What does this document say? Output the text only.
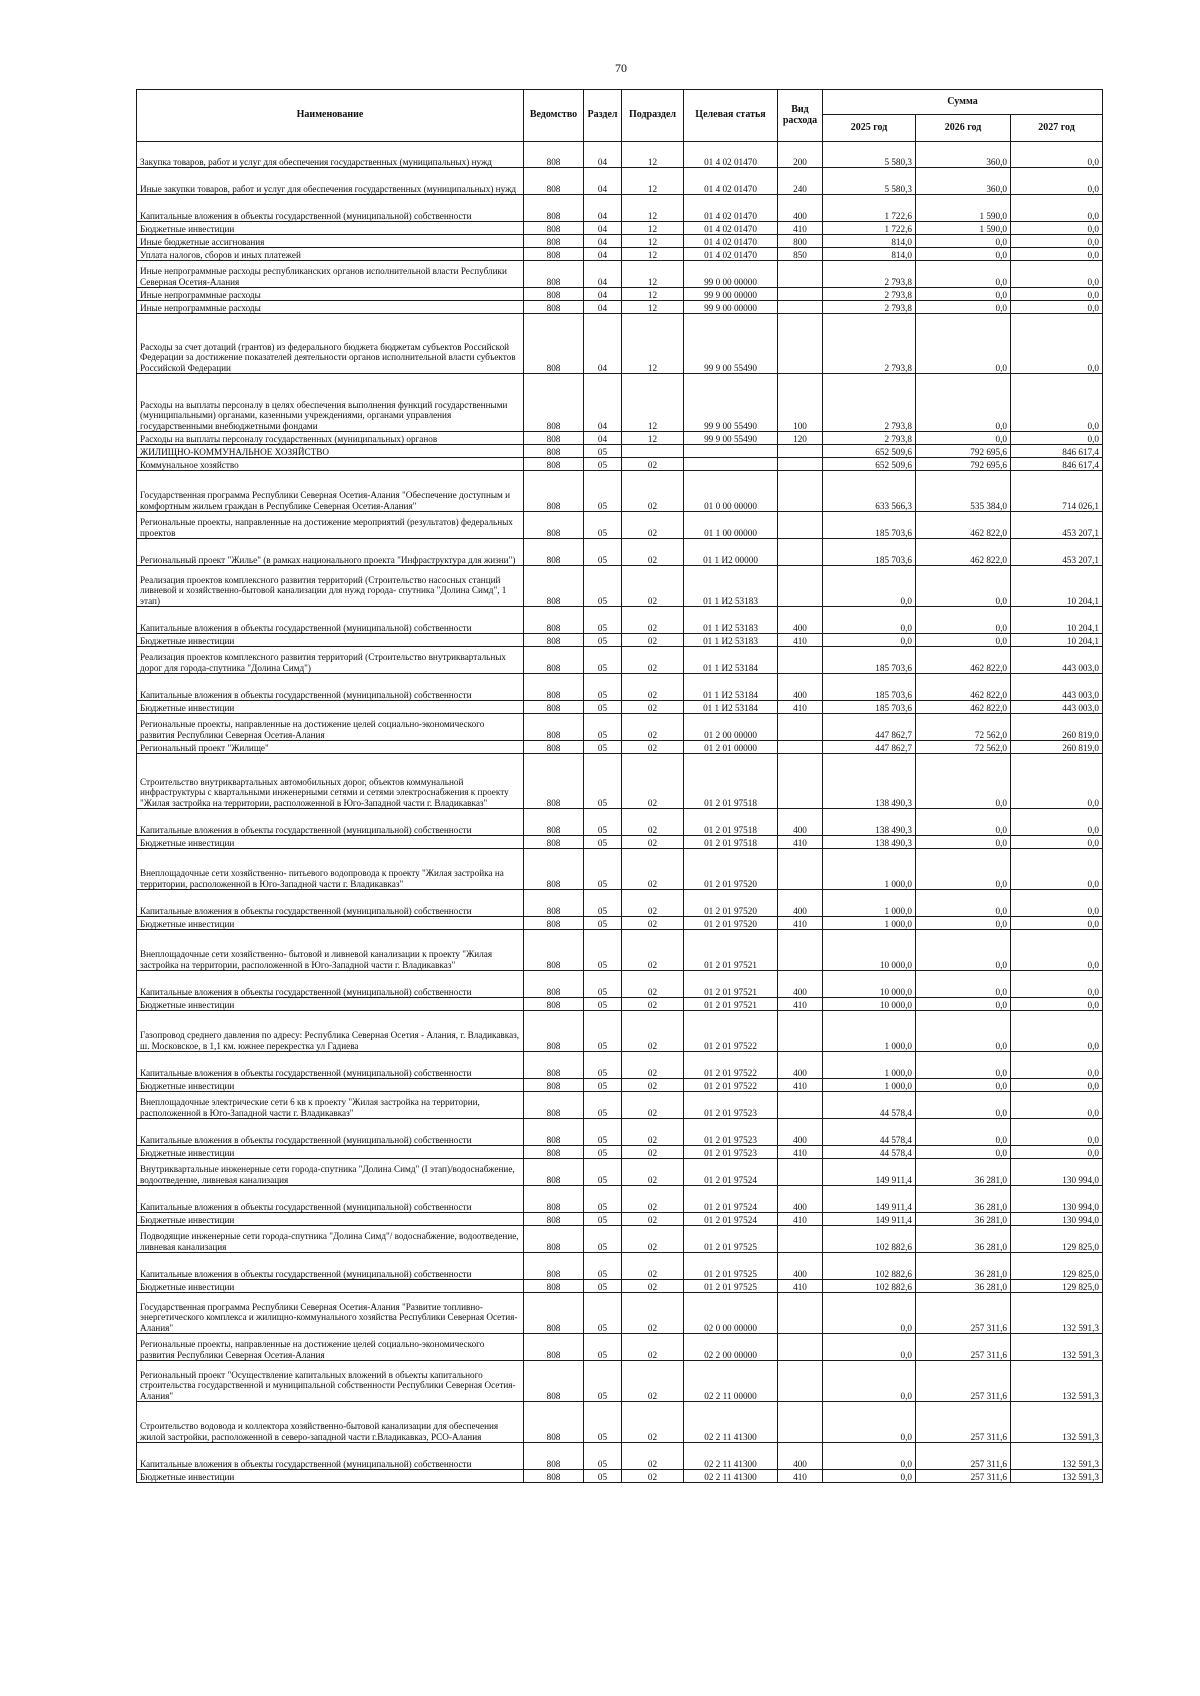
70
Наименование	Ведомство	Раздел	Подраздел	Целевая статья	Вид расхода	Сумма		
						2025 год	2026 год	2027 год
Закупка товаров, работ и услуг для обеспечения государственных (муниципальных) нужд	808	04	12	01 4 02 01470	200	5 580,3	360,0	0,0
Иные закупки товаров, работ и услуг для обеспечения государственных (муниципальных) нужд	808	04	12	01 4 02 01470	240	5 580,3	360,0	0,0
Капитальные вложения в объекты государственной (муниципальной) собственности	808	04	12	01 4 02 01470	400	1 722,6	1 590,0	0,0
Бюджетные инвестиции	808	04	12	01 4 02 01470	410	1 722,6	1 590,0	0,0
Иные бюджетные ассигнования	808	04	12	01 4 02 01470	800	814,0	0,0	0,0
Уплата налогов, сборов и иных платежей	808	04	12	01 4 02 01470	850	814,0	0,0	0,0
Иные непрограммные расходы республиканских органов исполнительной власти Республики Северная Осетия-Алания	808	04	12	99 0 00 00000		2 793,8	0,0	0,0
Иные непрограммные расходы	808	04	12	99 9 00 00000		2 793,8	0,0	0,0
Иные непрограммные расходы	808	04	12	99 9 00 00000		2 793,8	0,0	0,0
Расходы за счет дотаций (грантов) из федерального бюджета бюджетам субъектов Российской Федерации за достижение показателей деятельности органов исполнительной власти субъектов Российской Федерации	808	04	12	99 9 00 55490		2 793,8	0,0	0,0
Расходы на выплаты персоналу в целях обеспечения выполнения функций государственными (муниципальными) органами, казенными учреждениями, органами управления государственными внебюджетными фондами	808	04	12	99 9 00 55490	100	2 793,8	0,0	0,0
Расходы на выплаты персоналу государственных (муниципальных) органов	808	04	12	99 9 00 55490	120	2 793,8	0,0	0,0
ЖИЛИЩНО-КОММУНАЛЬНОЕ ХОЗЯЙСТВО	808	05				652 509,6	792 695,6	846 617,4
Коммунальное хозяйство	808	05	02			652 509,6	792 695,6	846 617,4
Государственная программа Республики Северная Осетия-Алания "Обеспечение доступным и комфортным жильем граждан в Республике Северная Осетия-Алания"	808	05	02	01 0 00 00000		633 566,3	535 384,0	714 026,1
Региональные проекты, направленные на достижение мероприятий (результатов) федеральных проектов	808	05	02	01 1 00 00000		185 703,6	462 822,0	453 207,1
Региональный проект "Жилье" (в рамках национального проекта "Инфраструктура для жизни")	808	05	02	01 1 И2 00000		185 703,6	462 822,0	453 207,1
Реализация проектов комплексного развития территорий (Строительство насосных станций ливневой и хозяйственно-бытовой канализации для нужд города- спутника "Долина Симд", 1 этап)	808	05	02	01 1 И2 53183		0,0	0,0	10 204,1
Капитальные вложения в объекты государственной (муниципальной) собственности	808	05	02	01 1 И2 53183	400	0,0	0,0	10 204,1
Бюджетные инвестиции	808	05	02	01 1 И2 53183	410	0,0	0,0	10 204,1
Реализация проектов комплексного развития территорий (Строительство внутриквартальных дорог для города-спутника "Долина Симд")	808	05	02	01 1 И2 53184		185 703,6	462 822,0	443 003,0
Капитальные вложения в объекты государственной (муниципальной) собственности	808	05	02	01 1 И2 53184	400	185 703,6	462 822,0	443 003,0
Бюджетные инвестиции	808	05	02	01 1 И2 53184	410	185 703,6	462 822,0	443 003,0
Региональные проекты, направленные на достижение целей социально-экономического развития Республики Северная Осетия-Алания	808	05	02	01 2 00 00000		447 862,7	72 562,0	260 819,0
Региональный проект "Жилище"	808	05	02	01 2 01 00000		447 862,7	72 562,0	260 819,0
Строительство внутриквартальных автомобильных дорог, объектов коммунальной инфраструктуры с квартальными инженерными сетями и сетями электроснабжения к проекту "Жилая застройка на территории, расположенной в Юго-Западной части г. Владикавказ"	808	05	02	01 2 01 97518		138 490,3	0,0	0,0
Капитальные вложения в объекты государственной (муниципальной) собственности	808	05	02	01 2 01 97518	400	138 490,3	0,0	0,0
Бюджетные инвестиции	808	05	02	01 2 01 97518	410	138 490,3	0,0	0,0
Внеплощадочные сети хозяйственно- питьевого водопровода к проекту "Жилая застройка на территории, расположенной в Юго-Западной части г. Владикавказ"	808	05	02	01 2 01 97520		1 000,0	0,0	0,0
Капитальные вложения в объекты государственной (муниципальной) собственности	808	05	02	01 2 01 97520	400	1 000,0	0,0	0,0
Бюджетные инвестиции	808	05	02	01 2 01 97520	410	1 000,0	0,0	0,0
Внеплощадочные сети хозяйственно- бытовой и ливневой канализации к проекту "Жилая застройка на территории, расположенной в Юго-Западной части г. Владикавказ"	808	05	02	01 2 01 97521		10 000,0	0,0	0,0
Капитальные вложения в объекты государственной (муниципальной) собственности	808	05	02	01 2 01 97521	400	10 000,0	0,0	0,0
Бюджетные инвестиции	808	05	02	01 2 01 97521	410	10 000,0	0,0	0,0
Газопровод среднего давления по адресу: Республика Северная Осетия - Алания, г. Владикавказ, ш. Московское, в 1,1 км. южнее перекрестка ул Гадиева	808	05	02	01 2 01 97522		1 000,0	0,0	0,0
Капитальные вложения в объекты государственной (муниципальной) собственности	808	05	02	01 2 01 97522	400	1 000,0	0,0	0,0
Бюджетные инвестиции	808	05	02	01 2 01 97522	410	1 000,0	0,0	0,0
Внеплощадочные электрические сети 6 кв к проекту "Жилая застройка на территории, расположенной в Юго-Западной части г. Владикавказ"	808	05	02	01 2 01 97523		44 578,4	0,0	0,0
Капитальные вложения в объекты государственной (муниципальной) собственности	808	05	02	01 2 01 97523	400	44 578,4	0,0	0,0
Бюджетные инвестиции	808	05	02	01 2 01 97523	410	44 578,4	0,0	0,0
Внутриквартальные инженерные сети города-спутника "Долина Симд" (I этап)/водоснабжение, водоотведение, ливневая канализация	808	05	02	01 2 01 97524		149 911,4	36 281,0	130 994,0
Капитальные вложения в объекты государственной (муниципальной) собственности	808	05	02	01 2 01 97524	400	149 911,4	36 281,0	130 994,0
Бюджетные инвестиции	808	05	02	01 2 01 97524	410	149 911,4	36 281,0	130 994,0
Подводящие инженерные сети города-спутника "Долина Симд"/ водоснабжение, водоотведение, ливневая канализация	808	05	02	01 2 01 97525		102 882,6	36 281,0	129 825,0
Капитальные вложения в объекты государственной (муниципальной) собственности	808	05	02	01 2 01 97525	400	102 882,6	36 281,0	129 825,0
Бюджетные инвестиции	808	05	02	01 2 01 97525	410	102 882,6	36 281,0	129 825,0
Государственная программа Республики Северная Осетия-Алания "Развитие топливно-энергетического комплекса и жилищно-коммунального хозяйства Республики Северная Осетия-Алания"	808	05	02	02 0 00 00000		0,0	257 311,6	132 591,3
Региональные проекты, направленные на достижение целей социально-экономического развития Республики Северная Осетия-Алания	808	05	02	02 2 00 00000		0,0	257 311,6	132 591,3
Региональный проект "Осуществление капитальных вложений в объекты капитального строительства государственной и муниципальной собственности Республики Северная Осетия-Алания"	808	05	02	02 2 11 00000		0,0	257 311,6	132 591,3
Строительство водовода и коллектора хозяйственно-бытовой канализации для обеспечения жилой застройки, расположенной в северо-западной части г.Владикавказ, РСО-Алания	808	05	02	02 2 11 41300		0,0	257 311,6	132 591,3
Капитальные вложения в объекты государственной (муниципальной) собственности	808	05	02	02 2 11 41300	400	0,0	257 311,6	132 591,3
Бюджетные инвестиции	808	05	02	02 2 11 41300	410	0,0	257 311,6	132 591,3
